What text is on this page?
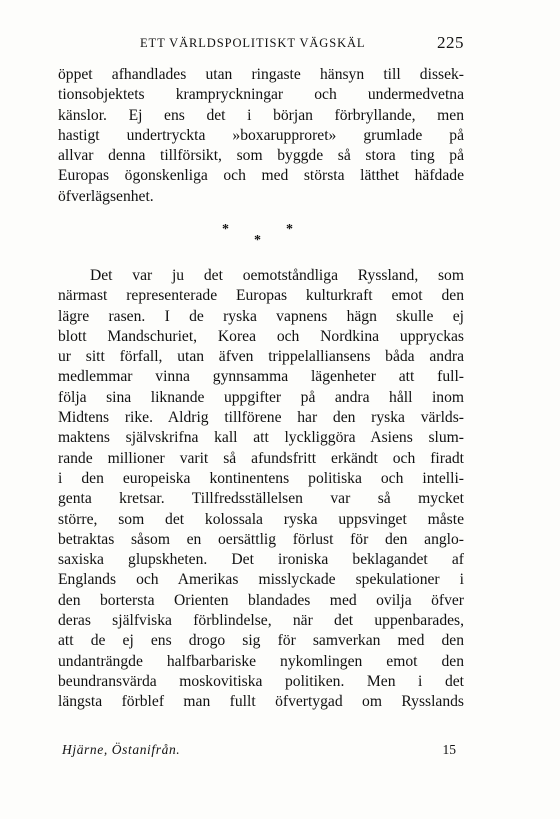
ETT VÄRLDSPOLITISKT VÄGSKÄL	225
öppet afhandlades utan ringaste hänsyn till dissek-
tionsobjektets krampryckningar och undermedvetna
känslor. Ej ens det i början förbryllande, men
hastigt undertryckta »boxarupproret» grumlade på
allvar denna tillförsikt, som byggde så stora ting på
Europas ögonskenliga och med största lätthet häfdade
öfverlägsenhet.
*	*
*
Det var ju det oemotståndliga Ryssland, som
närmast representerade Europas kulturkraft emot den
lägre rasen. I de ryska vapnens hägn skulle ej
blott Mandschuriet, Korea och Nordkina uppryckas
ur sitt förfall, utan äfven trippelalliansens båda andra
medlemmar vinna gynnsamma lägenheter att full-
följa sina liknande uppgifter på andra håll inom
Midtens rike. Aldrig tillförene har den ryska världs-
maktens självskrifna kall att lyckliggöra Asiens slum-
rande millioner varit så afundsfritt erkändt och firadt
i den europeiska kontinentens politiska och intelli-
genta kretsar. Tillfredsställelsen var så mycket
större, som det kolossala ryska uppsvinget måste
betraktas såsom en oersättlig förlust för den anglo-
saxiska glupskheten. Det ironiska beklagandet af
Englands och Amerikas misslyckade spekulationer i
den bortersta Orienten blandades med ovilja öfver
deras själfviska förblindelse, när det uppenbarades,
att de ej ens drogo sig för samverkan med den
undanträngde halfbarbariske nykomlingen emot den
beundransvärda moskovitiska politiken. Men i det
längsta förblef man fullt öfvertygad om Rysslands
Hjärne, Östanifrån.	15
